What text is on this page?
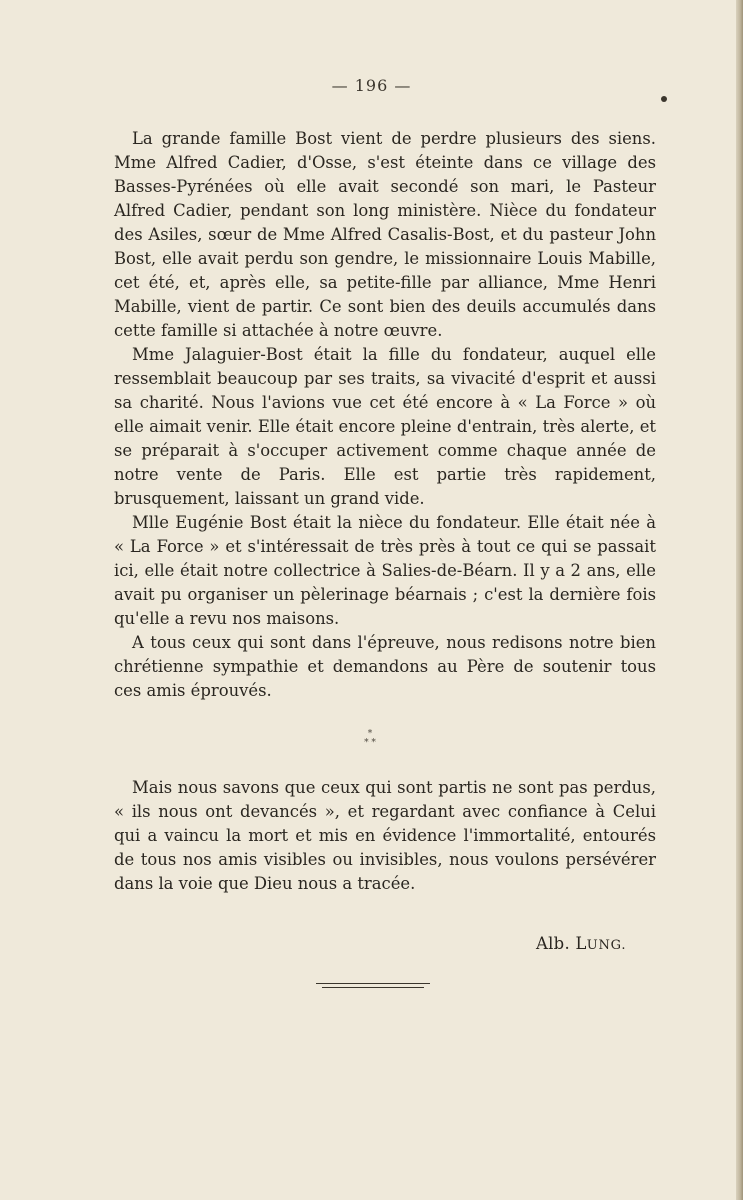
— 196 —

La grande famille Bost vient de perdre plusieurs des siens. Mme Alfred Cadier, d'Osse, s'est éteinte dans ce village des Basses-Pyrénées où elle avait secondé son mari, le Pasteur Alfred Cadier, pendant son long ministère. Nièce du fondateur des Asiles, sœur de Mme Alfred Casalis-Bost, et du pasteur John Bost, elle avait perdu son gendre, le missionnaire Louis Mabille, cet été, et, après elle, sa petite-fille par alliance, Mme Henri Mabille, vient de partir. Ce sont bien des deuils accumulés dans cette famille si attachée à notre œuvre.

Mme Jalaguier-Bost était la fille du fondateur, auquel elle ressemblait beaucoup par ses traits, sa vivacité d'esprit et aussi sa charité. Nous l'avions vue cet été encore à « La Force » où elle aimait venir. Elle était encore pleine d'entrain, très alerte, et se préparait à s'occuper activement comme chaque année de notre vente de Paris. Elle est partie très rapidement, brusquement, laissant un grand vide.

Mlle Eugénie Bost était la nièce du fondateur. Elle était née à « La Force » et s'intéressait de très près à tout ce qui se passait ici, elle était notre collectrice à Salies-de-Béarn. Il y a 2 ans, elle avait pu organiser un pèlerinage béarnais ; c'est la dernière fois qu'elle a revu nos maisons.

A tous ceux qui sont dans l'épreuve, nous redisons notre bien chrétienne sympathie et demandons au Père de soutenir tous ces amis éprouvés.

*
* *

Mais nous savons que ceux qui sont partis ne sont pas perdus, « ils nous ont devancés », et regardant avec confiance à Celui qui a vaincu la mort et mis en évidence l'immortalité, entourés de tous nos amis visibles ou invisibles, nous voulons persévérer dans la voie que Dieu nous a tracée.

Alb. LUNG.
